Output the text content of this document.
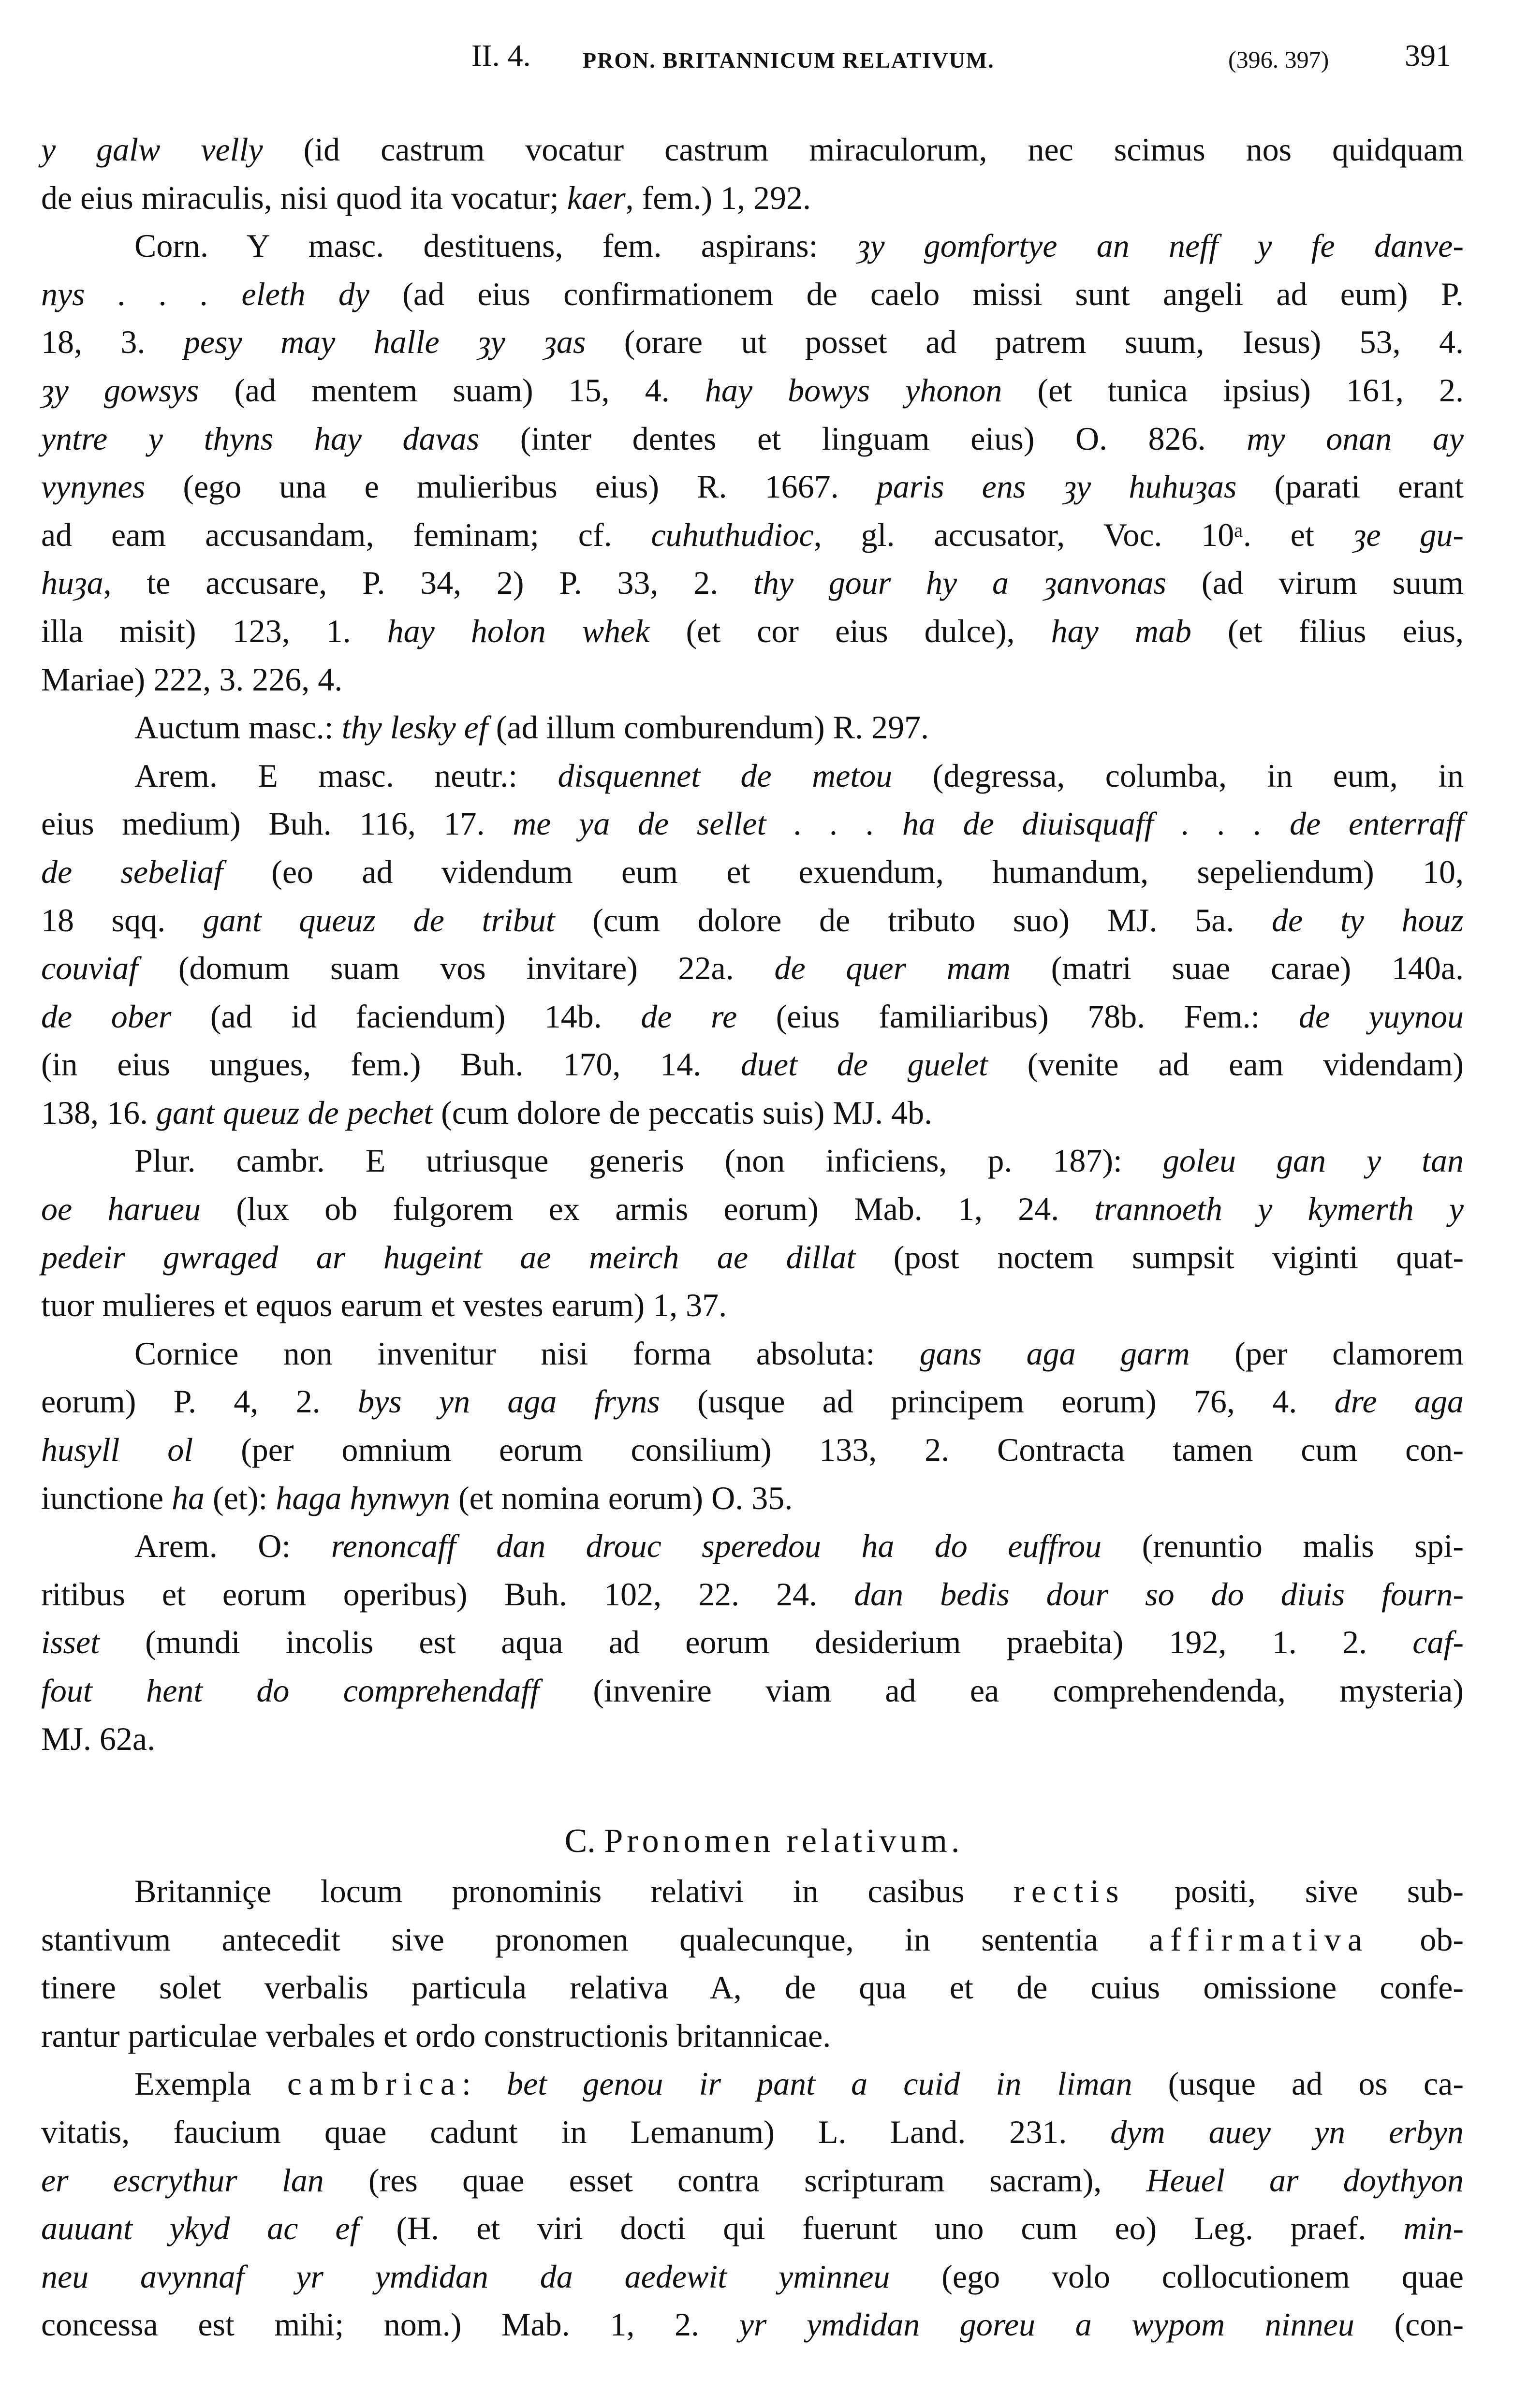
II. 4. PRON. BRITANNICUM RELATIVUM.	(396. 397) 391
y galw velly (id castrum vocatur castrum miraculorum, nec scimus nos quidquam
de eius miraculis, nisi quod ita vocatur; kaer, fem.) 1, 292.
Corn. Y masc. destituens, fem. aspirans: ȝy gomfortye an neff y fe danve-
nys . . . eleth dy (ad eius confirmationem de caelo missi sunt angeli ad eum) P.
18, 3. pesy may halle ȝy ȝas (orare ut posset ad patrem suum, Iesus) 53, 4.
ȝy gowsys (ad mentem suam) 15, 4. hay bowys yhonon (et tunica ipsius) 161, 2.
yntre y thyns hay davas (inter dentes et linguam eius) O. 826. my onan ay
vynynes (ego una e mulieribus eius) R. 1667. paris ens ȝy huhuȝas (parati erant
ad eam accusandam, feminam; cf. cuhuthudioc, gl. accusator, Voc. 10ᵃ. et ȝe gu-
huȝa, te accusare, P. 34, 2) P. 33, 2. thy gour hy a ȝanvonas (ad virum suum
illa misit) 123, 1. hay holon whek (et cor eius dulce), hay mab (et filius eius,
Mariae) 222, 3. 226, 4.
Auctum masc.: thy lesky ef (ad illum comburendum) R. 297.
Arem. E masc. neutr.: disquennet de metou (degressa, columba, in eum, in
eius medium) Buh. 116, 17. me ya de sellet . . . ha de diuisquaff . . . de enterraff
de sebeliaf (eo ad videndum eum et exuendum, humandum, sepeliendum) 10,
18 sqq. gant queuz de tribut (cum dolore de tributo suo) MJ. 5a. de ty houz
couviaf (domum suam vos invitare) 22a. de quer mam (matri suae carae) 140a.
de ober (ad id faciendum) 14b. de re (eius familiaribus) 78b. Fem.: de yuynou
(in eius ungues, fem.) Buh. 170, 14. duet de guelet (venite ad eam videndam)
138, 16. gant queuz de pechet (cum dolore de peccatis suis) MJ. 4b.
Plur. cambr. E utriusque generis (non inficiens, p. 187): goleu gan y tan
oe harueu (lux ob fulgorem ex armis eorum) Mab. 1, 24. trannoeth y kymerth y
pedeir gwraged ar hugeint ae meirch ae dillat (post noctem sumpsit viginti quat-
tuor mulieres et equos earum et vestes earum) 1, 37.
Cornice non invenitur nisi forma absoluta: gans aga garm (per clamorem
eorum) P. 4, 2. bys yn aga fryns (usque ad principem eorum) 76, 4. dre aga
husyll ol (per omnium eorum consilium) 133, 2. Contracta tamen cum con-
iunctione ha (et): haga hynwyn (et nomina eorum) O. 35.
Arem. O: renoncaff dan drouc speredou ha do euffrou (renuntio malis spi-
ritibus et eorum operibus) Buh. 102, 22. 24. dan bedis dour so do diuis fourn-
isset (mundi incolis est aqua ad eorum desiderium praebita) 192, 1. 2. caf-
fout hent do comprehendaff (invenire viam ad ea comprehendenda, mysteria)
MJ. 62a.
C. Pronomen relativum.
Britanniçe locum pronominis relativi in casibus rectis positi, sive sub-
stantivum antecedit sive pronomen qualecunque, in sententia affirmativa ob-
tinere solet verbalis particula relativa A, de qua et de cuius omissione confe-
rantur particulae verbales et ordo constructionis britannicae.
Exempla cambrica: bet genou ir pant a cuid in liman (usque ad os ca-
vitatis, faucium quae cadunt in Lemanum) L. Land. 231. dym auey yn erbyn
er escrythur lan (res quae esset contra scripturam sacram), Heuel ar doythyon
auuant ykyd ac ef (H. et viri docti qui fuerunt uno cum eo) Leg. praef. min-
neu avynnaf yr ymdidan da aedewit yminneu (ego volo collocutionem quae
concessa est mihi; nom.) Mab. 1, 2. yr ymdidan goreu a wypom ninneu (con-
